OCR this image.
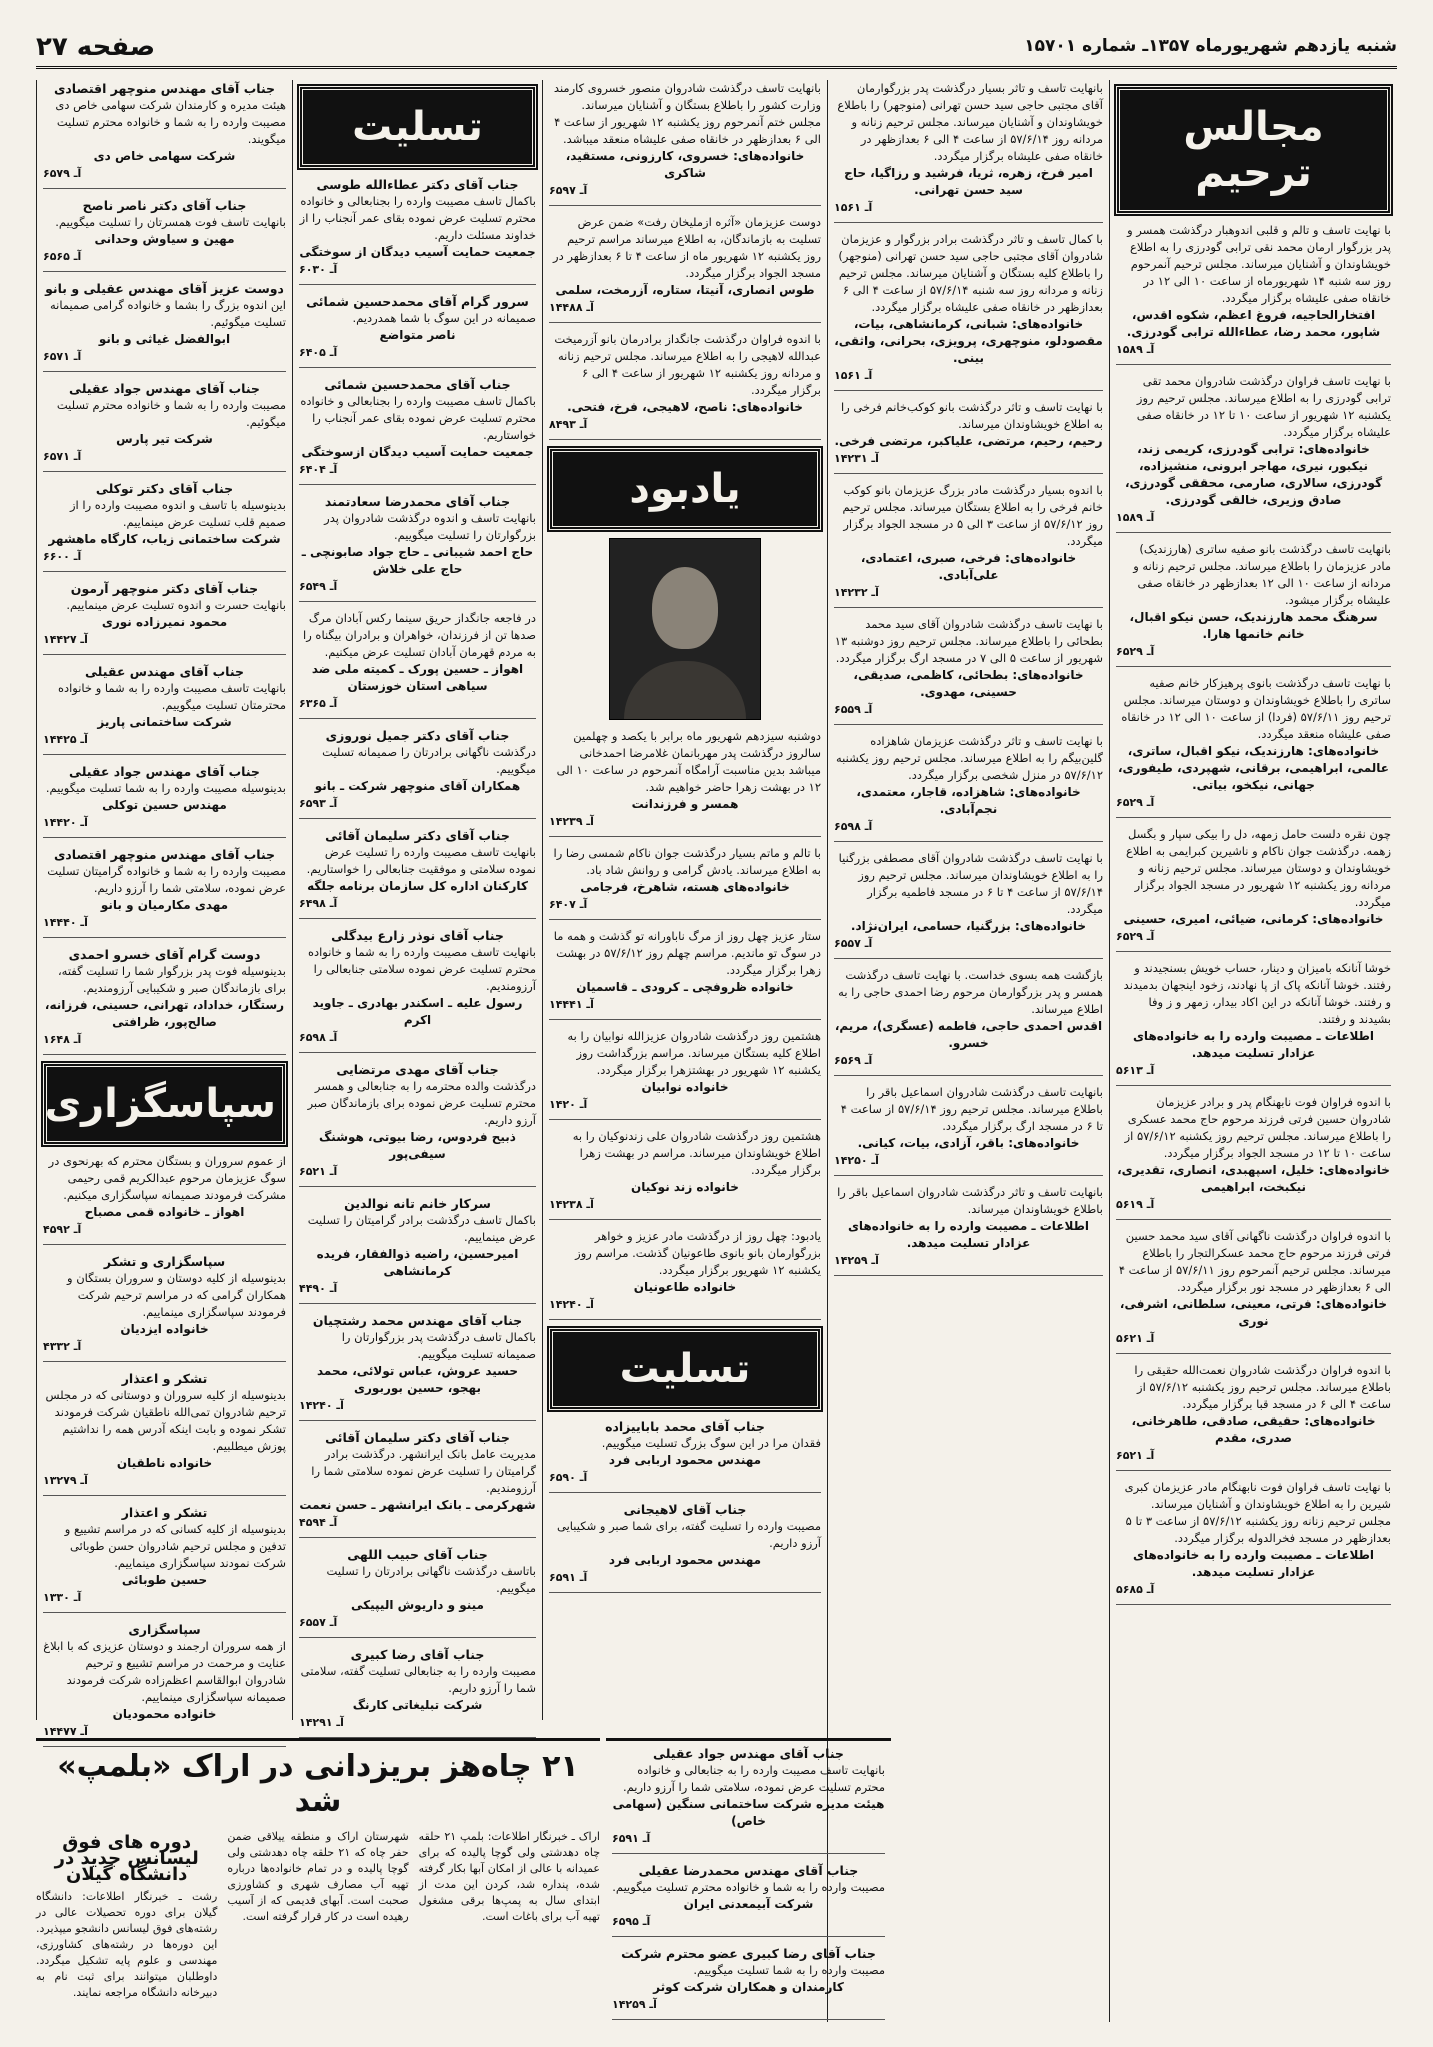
شنبه یازدهم شهریورماه ۱۳۵۷ـ شماره ۱۵۷۰۱
صفحه ۲۷
مجالس ترحیم
با نهایت تاسف و تالم و قلبی اندوهبار درگذشت همسر و پدر بزرگوار ارمان محمد نقی ترابی گودرزی را به اطلاع خویشاوندان و آشنایان میرساند. مجلس ترحیم آنمرحوم روز سه شنبه ۱۴ شهریورماه از ساعت ۱۰ الی ۱۲ در خانقاه صفی علیشاه برگزار میگردد.
افتخارالحاجیه، فروغ اعظم، شکوه اقدس، شاپور، محمد رضا، عطاءالله ترابی گودرزی.
آـ ۱۵۸۹
با نهایت تاسف فراوان درگذشت شادروان محمد تقی ترابی گودرزی را به اطلاع میرساند. مجلس ترحیم روز یکشنبه ۱۲ شهریور از ساعت ۱۰ تا ۱۲ در خانقاه صفی علیشاه برگزار میگردد.
خانواده‌های: ترابی گودرزی، کریمی زند، نیکبور، نیری، مهاجر ابرونی، منشیزاده، گودرزی، سالاری، صارمی، محققی گودرزی، صادق وزیری، خالقی گودرزی.
آـ ۱۵۸۹
بانهایت تاسف درگذشت بانو صفیه ساتری (هارزندیک) مادر عزیزمان را باطلاع میرساند. مجلس ترحیم زنانه و مردانه از ساعت ۱۰ الی ۱۲ بعدازظهر در خانقاه صفی علیشاه برگزار میشود.
سرهنگ محمد هارزندیک، حسن نیکو اقبال، خانم خانمها هارا.
آـ ۶۵۲۹
با نهایت تاسف درگذشت بانوی پرهیزکار خانم صفیه ساتری را باطلاع خویشاوندان و دوستان میرساند. مجلس ترحیم روز ۵۷/۶/۱۱ (فردا) از ساعت ۱۰ الی ۱۲ در خانقاه صفی علیشاه منعقد میگردد.
خانواده‌های: هارزندیک، نیکو اقبال، ساتری، عالمی، ابراهیمی، برقانی، شهپردی، طیفوری، جهانی، نیکخو، بیاتی.
آـ ۶۵۲۹
چون نقره دلست حامل زمهه، دل را بیکی سپار و بگسل زهمه. درگذشت جوان ناکام و ناشیرین کبرایمی به اطلاع خویشاوندان و دوستان میرساند. مجلس ترحیم زنانه و مردانه روز یکشنبه ۱۲ شهریور در مسجد الجواد برگزار میگردد.
خانواده‌های: کرمانی، ضیائی، امیری، حسینی
آـ ۶۵۲۹
خوشا آنانکه بامیزان و دینار، حساب خویش بسنجیدند و رفتند. خوشا آنانکه پاک از پا نهادند، زخود اینجهان بدمیدند و رفتند. خوشا آنانکه در این اکاد بیدار، زمهر و ز وفا بشیدند و رفتند.
اطلاعات ـ مصیبت وارده را به خانواده‌های عزادار تسلیت میدهد.
آـ ۵۶۱۳
با اندوه فراوان فوت نابهنگام پدر و برادر عزیزمان شادروان حسین فرتی فرزند مرحوم حاج محمد عسکری را باطلاع میرساند. مجلس ترحیم روز یکشنبه ۵۷/۶/۱۲ از ساعت ۱۰ تا ۱۲ در مسجد الجواد برگزار میگردد.
خانواده‌های: خلیل، اسپهبدی، انصاری، تقدیری، نیکبخت، ابراهیمی
آـ ۵۶۱۹
با اندوه فراوان درگذشت ناگهانی آقای سید محمد حسین فرتی فرزند مرحوم حاج محمد عسکرالتجار را باطلاع میرساند. مجلس ترحیم آنمرحوم روز ۵۷/۶/۱۱ از ساعت ۴ الی ۶ بعدازظهر در مسجد نور برگزار میگردد.
خانواده‌های: فرتی، معینی، سلطانی، اشرفی، نوری
آـ ۵۶۲۱
با اندوه فراوان درگذشت شادروان نعمت‌الله حقیقی را باطلاع میرساند. مجلس ترحیم روز یکشنبه ۵۷/۶/۱۲ از ساعت ۴ الی ۶ در مسجد قبا برگزار میگردد.
خانواده‌های: حقیقی، صادقی، طاهرخانی، صدری، مقدم
آـ ۶۵۲۱
با نهایت تاسف فراوان فوت نابهنگام مادر عزیزمان کبری شیرین را به اطلاع خویشاوندان و آشنایان میرساند. مجلس ترحیم زنانه روز یکشنبه ۵۷/۶/۱۲ از ساعت ۳ تا ۵ بعدازظهر در مسجد فخرالدوله برگزار میگردد.
اطلاعات ـ مصیبت وارده را به خانواده‌های عزادار تسلیت میدهد.
آـ ۵۶۸۵
بانهایت تاسف و تاثر بسیار درگذشت پدر بزرگوارمان آقای مجتبی حاجی سید حسن تهرانی (منوجهر) را باطلاع خویشاوندان و آشنایان میرساند. مجلس ترحیم زنانه و مردانه روز ۵۷/۶/۱۴ از ساعت ۴ الی ۶ بعدازظهر در خانقاه صفی علیشاه برگزار میگردد.
امیر فرخ، زهره، ثریا، فرشید و رزاگیا، حاج سید حسن تهرانی.
آـ ۱۵۶۱
با کمال تاسف و تاثر درگذشت برادر بزرگوار و عزیزمان شادروان آقای مجتبی حاجی سید حسن تهرانی (منوجهر) را باطلاع کلیه بستگان و آشنایان میرساند. مجلس ترحیم زنانه و مردانه روز سه شنبه ۵۷/۶/۱۴ از ساعت ۴ الی ۶ بعدازظهر در خانقاه صفی علیشاه برگزار میگردد.
خانواده‌های: شبانی، کرمانشاهی، بیات، مقصودلو، منوچهری، پرویزی، بحرانی، واثقی، بینی.
آـ ۱۵۶۱
با نهایت تاسف و تاثر درگذشت بانو کوکب‌خانم فرخی را به اطلاع خویشاوندان میرساند.
رحیم، رحیم، مرتضی، علیاکبر، مرتضی فرخی.
آـ ۱۴۲۳۱
با اندوه بسیار درگذشت مادر بزرگ عزیزمان بانو کوکب خانم فرخی را به اطلاع بستگان میرساند. مجلس ترحیم روز ۵۷/۶/۱۲ از ساعت ۳ الی ۵ در مسجد الجواد برگزار میگردد.
خانواده‌های: فرخی، صبری، اعتمادی، علی‌آبادی.
آـ ۱۴۲۳۲
با نهایت تاسف درگذشت شادروان آقای سید محمد بطحائی را باطلاع میرساند. مجلس ترحیم روز دوشنبه ۱۳ شهریور از ساعت ۵ الی ۷ در مسجد ارگ برگزار میگردد.
خانواده‌های: بطحائی، کاظمی، صدیقی، حسینی، مهدوی.
آـ ۶۵۵۹
با نهایت تاسف و تاثر درگذشت عزیزمان شاهزاده گلین‌بیگم را به اطلاع میرساند. مجلس ترحیم روز یکشنبه ۵۷/۶/۱۲ در منزل شخصی برگزار میگردد.
خانواده‌های: شاهزاده، قاجار، معتمدی، نجم‌آبادی.
آـ ۶۵۹۸
با نهایت تاسف درگذشت شادروان آقای مصطفی بزرگنیا را به اطلاع خویشاوندان میرساند. مجلس ترحیم روز ۵۷/۶/۱۴ از ساعت ۴ تا ۶ در مسجد فاطمیه برگزار میگردد.
خانواده‌های: بزرگنیا، حسامی، ایران‌نژاد.
آـ ۶۵۵۷
بازگشت همه بسوی خداست. با نهایت تاسف درگذشت همسر و پدر بزرگوارمان مرحوم رضا احمدی حاجی را به اطلاع میرساند.
اقدس احمدی حاجی، فاطمه (عسگری)، مریم، خسرو.
آـ ۶۵۶۹
بانهایت تاسف درگذشت شادروان اسماعیل باقر را باطلاع میرساند. مجلس ترحیم روز ۵۷/۶/۱۴ از ساعت ۴ تا ۶ در مسجد ارگ برگزار میگردد.
خانواده‌های: باقر، آزادی، بیات، کیانی.
آـ ۱۴۲۵۰
بانهایت تاسف و تاثر درگذشت شادروان اسماعیل باقر را باطلاع خویشاوندان میرساند.
اطلاعات ـ مصیبت وارده را به خانواده‌های عزادار تسلیت میدهد.
آـ ۱۴۲۵۹
بانهایت تاسف درگذشت شادروان منصور خسروی کارمند وزارت کشور را باطلاع بستگان و آشنایان میرساند. مجلس ختم آنمرحوم روز یکشنبه ۱۲ شهریور از ساعت ۴ الی ۶ بعدازظهر در خانقاه صفی علیشاه منعقد میباشد.
خانواده‌های: خسروی، کارزونی، مستقید، شاکری
آـ ۶۵۹۷
دوست عزیزمان «آثره ازملیخان رفت» ضمن عرض تسلیت به بازماندگان، به اطلاع میرساند مراسم ترحیم روز یکشنبه ۱۲ شهریور ماه از ساعت ۴ تا ۶ بعدازظهر در مسجد الجواد برگزار میگردد.
طوس انصاری، آنیتا، ستاره، آزرمخت، سلمی
آـ ۱۴۴۸۸
با اندوه فراوان درگذشت جانگداز برادرمان بانو آزرمیخت عبدالله لاهیجی را به اطلاع میرساند. مجلس ترحیم زنانه و مردانه روز یکشنبه ۱۲ شهریور از ساعت ۴ الی ۶ برگزار میگردد.
خانواده‌های: ناصح، لاهیجی، فرخ، فتحی.
آـ ۸۴۹۳
یادبود
دوشنبه سیزدهم شهریور ماه برابر با یکصد و چهلمین سالروز درگذشت پدر مهربانمان غلامرضا احمدخانی میباشد بدین مناسبت آرامگاه آنمرحوم در ساعت ۱۰ الی ۱۲ در بهشت زهرا حاضر خواهیم شد.
همسر و فرزندانت
آـ ۱۴۲۳۹
با تالم و ماتم بسیار درگذشت جوان ناکام شمسی رضا را به اطلاع میرساند. یادش گرامی و روانش شاد باد.
خانواده‌های هسته، شاهرخ، فرجامی
آـ ۶۴۰۷
ستار عزیز چهل روز از مرگ ناباورانه تو گذشت و همه ما در سوگ تو ماندیم. مراسم چهلم روز ۵۷/۶/۱۲ در بهشت زهرا برگزار میگردد.
خانواده ظروفچی ـ کرودی ـ قاسمیان
آـ ۱۴۴۴۱
هشتمین روز درگذشت شادروان عزیزالله نوابیان را به اطلاع کلیه بستگان میرساند. مراسم بزرگداشت روز یکشنبه ۱۲ شهریور در بهشتزهرا برگزار میگردد.
خانواده نوابیان
آـ ۱۴۲۰
هشتمین روز درگذشت شادروان علی زندنوکیان را به اطلاع خویشاوندان میرساند. مراسم در بهشت زهرا برگزار میگردد.
خانواده زند نوکیان
آـ ۱۴۲۳۸
یادبود: چهل روز از درگذشت مادر عزیز و خواهر بزرگوارمان بانو بانوی طاعونیان گذشت. مراسم روز یکشنبه ۱۲ شهریور برگزار میگردد.
خانواده طاعونیان
آـ ۱۴۲۴۰
تسلیت
جناب آقای محمد باباییزاده
فقدان مرا در این سوگ بزرگ تسلیت میگوییم.
مهندس محمود اربابی فرد
آـ ۶۵۹۰
جناب آقای لاهیجانی
مصیبت وارده را تسلیت گفته، برای شما صبر و شکیبایی آرزو داریم.
مهندس محمود اربابی فرد
آـ ۶۵۹۱
تسلیت
جناب آقای دکتر عطاءالله طوسی
باکمال تاسف مصیبت وارده را بجنابعالی و خانواده محترم تسلیت عرض نموده بقای عمر آنجناب را از خداوند مسئلت داریم.
جمعیت حمایت آسیب دیدگان از سوختگی
آـ ۶۰۳۰
سرور گرام آقای محمدحسین شمائی
صمیمانه در این سوگ با شما همدردیم.
ناصر متواضع
آـ ۶۴۰۵
جناب آقای محمدحسین شمائی
باکمال تاسف مصیبت وارده را بجنابعالی و خانواده محترم تسلیت عرض نموده بقای عمر آنجناب را خواستاریم.
جمعیت حمایت آسیب دیدگان ازسوختگی
آـ ۶۴۰۴
جناب آقای محمدرضا سعادتمند
بانهایت تاسف و اندوه درگذشت شادروان پدر بزرگوارتان را تسلیت میگوییم.
حاج احمد شیبانی ـ حاج جواد صابونچی ـ حاج علی خلاش
آـ ۶۵۴۹
در فاجعه جانگداز حریق سینما رکس آبادان مرگ صدها تن از فرزندان، خواهران و برادران بیگناه را به مردم قهرمان آبادان تسلیت عرض میکنیم.
اهواز ـ حسین پورک ـ کمیته ملی ضد سیاهی استان خوزستان
آـ ۶۳۶۵
جناب آقای دکتر جمیل نوروزی
درگذشت ناگهانی برادرتان را صمیمانه تسلیت میگوییم.
همکاران آقای منوچهر شرکت ـ بانو
آـ ۶۵۹۳
جناب آقای دکتر سلیمان آقائی
بانهایت تاسف مصیبت وارده را تسلیت عرض نموده سلامتی و موفقیت جنابعالی را خواستاریم.
کارکنان اداره کل سازمان برنامه جلگه
آـ ۶۴۹۸
جناب آقای نوذر زارع بیدگلی
بانهایت تاسف مصیبت وارده را به شما و خانواده محترم تسلیت عرض نموده سلامتی جنابعالی را آرزومندیم.
رسول علیه ـ اسکندر بهادری ـ جاوید اکرم
آـ ۶۵۹۸
جناب آقای مهدی مرتضایی
درگذشت والده محترمه را به جنابعالی و همسر محترم تسلیت عرض نموده برای بازماندگان صبر آرزو داریم.
ذبیح فردوس، رضا بیوتی، هوشنگ سیفی‌پور
آـ ۶۵۲۱
سرکار خانم تانه نوالدین
باکمال تاسف درگذشت برادر گرامیتان را تسلیت عرض مینماییم.
امیرحسین، راضیه ذوالفقار، فریده کرمانشاهی
آـ ۴۴۹۰
جناب آقای مهندس محمد رشتچیان
باکمال تاسف درگذشت پدر بزرگوارتان را صمیمانه تسلیت میگوییم.
حسید عروش، عباس تولائی، محمد بهجو، حسین بوربوری
آـ ۱۴۲۴۰
جناب آقای دکتر سلیمان آقائی
مدیریت عامل بانک ایرانشهر. درگذشت برادر گرامیتان را تسلیت عرض نموده سلامتی شما را آرزومندیم.
شهرکرمی ـ بانک ایرانشهر ـ حسن نعمت
آـ ۴۵۹۴
جناب آقای حبیب اللهی
باتاسف درگذشت ناگهانی برادرتان را تسلیت میگوییم.
مینو و داریوش الیپیکی
آـ ۶۵۵۷
جناب آقای رضا کبیری
مصیبت وارده را به جنابعالی تسلیت گفته، سلامتی شما را آرزو داریم.
شرکت تبلیغاتی کارنگ
آـ ۱۴۲۹۱
جناب آقای مهندس منوچهر اقتصادی
هیئت مدیره و کارمندان شرکت سهامی خاص دی مصیبت وارده را به شما و خانواده محترم تسلیت میگویند.
شرکت سهامی خاص دی
آـ ۶۵۷۹
جناب آقای دکتر ناصر ناصح
بانهایت تاسف فوت همسرتان را تسلیت میگوییم.
مهین و سیاوش وحدانی
آـ ۶۵۶۵
دوست عزیز آقای مهندس عقیلی و بانو
این اندوه بزرگ را بشما و خانواده گرامی صمیمانه تسلیت میگوئیم.
ابوالفضل غیاثی و بانو
آـ ۶۵۷۱
جناب آقای مهندس جواد عقیلی
مصیبت وارده را به شما و خانواده محترم تسلیت میگوئیم.
شرکت تیر پارس
آـ ۶۵۷۱
جناب آقای دکتر توکلی
بدینوسیله با تاسف و اندوه مصیبت وارده را از صمیم قلب تسلیت عرض مینماییم.
شرکت ساختمانی زیاب، کارگاه ماهشهر
آـ ۶۶۰۰
جناب آقای دکتر منوچهر آرمون
بانهایت حسرت و اندوه تسلیت عرض مینماییم.
محمود نمیرزاده نوری
آـ ۱۴۴۲۷
جناب آقای مهندس عقیلی
بانهایت تاسف مصیبت وارده را به شما و خانواده محترمتان تسلیت میگوییم.
شرکت ساختمانی پاریز
آـ ۱۴۴۲۵
جناب آقای مهندس جواد عقیلی
بدینوسیله مصیبت وارده را به شما تسلیت میگوییم.
مهندس حسین توکلی
آـ ۱۴۴۲۰
جناب آقای مهندس منوچهر اقتصادی
مصیبت وارده را به شما و خانواده گرامیتان تسلیت عرض نموده، سلامتی شما را آرزو داریم.
مهدی مکارمیان و بانو
آـ ۱۴۴۴۰
دوست گرام آقای خسرو احمدی
بدینوسیله فوت پدر بزرگوار شما را تسلیت گفته، برای بازماندگان صبر و شکیبایی آرزومندیم.
رستگار، خداداد، تهرانی، حسینی، فرزانه، صالح‌پور، ظرافتی
آـ ۱۶۴۸
سپاسگزاری
از عموم سروران و بستگان محترم که بهرنحوی در سوگ عزیزمان مرحوم عبدالکریم قمی رحیمی مشرکت فرمودند صمیمانه سپاسگزاری میکنیم.
اهواز ـ خانواده قمی مصباح
آـ ۴۵۹۲
سپاسگزاری و تشکر
بدینوسیله از کلیه دوستان و سروران بستگان و همکاران گرامی که در مراسم ترحیم شرکت فرمودند سپاسگزاری مینماییم.
خانواده ایزدیان
آـ ۴۳۳۲
تشکر و اعتذار
بدینوسیله از کلیه سروران و دوستانی که در مجلس ترحیم شادروان تمی‌الله ناطقیان شرکت فرمودند تشکر نموده و بابت اینکه آدرس همه را نداشتیم پوزش میطلبیم.
خانواده ناطقیان
آـ ۱۳۲۷۹
تشکر و اعتذار
بدینوسیله از کلیه کسانی که در مراسم تشییع و تدفین و مجلس ترحیم شادروان حسن طوبائی شرکت نمودند سپاسگزاری مینماییم.
حسین طوبائی
آـ ۱۳۳۰
سپاسگزاری
از همه سروران ارجمند و دوستان عزیزی که با ابلاغ عنایت و مرحمت در مراسم تشییع و ترحیم شادروان ابوالقاسم اعظم‌زاده شرکت فرمودند صمیمانه سپاسگزاری مینماییم.
خانواده محمودیان
آـ ۱۴۴۷۷
۲۱ چاه‌هز بریزدانی در اراک «بلمپ» شد

اراک ـ خبرنگار اطلاعات: بلمپ ۲۱ حلقه چاه دهدشتی ولی گوچا پالیده که برای عمیدانه با عالی از امکان آبها بکار گرفته شده، پنداره شد، کردن این مدت از ابتدای سال به پمپ‌ها برقی مشغول تهیه آب برای باغات است.

شهرستان اراک و منطقه ییلاقی ضمن حفر چاه که ۲۱ حلقه چاه دهدشتی ولی گوچا پالیده و در تمام خانواده‌ها درباره تهیه آب مصارف شهری و کشاورزی صحبت است. آبهای قدیمی که از آسیب رهیده است در کار قرار گرفته است.

دوره های فوق لیسانس جدید در دانشگاه گیلان

رشت ـ خبرنگار اطلاعات: دانشگاه گیلان برای دوره تحصیلات عالی در رشته‌های فوق لیسانس دانشجو میپذیرد. این دوره‌ها در رشته‌های کشاورزی، مهندسی و علوم پایه تشکیل میگردد. داوطلبان میتوانند برای ثبت نام به دبیرخانه دانشگاه مراجعه نمایند.

جناب آقای مهندس جواد عقیلی
بانهایت تاسف مصیبت وارده را به جنابعالی و خانواده محترم تسلیت عرض نموده، سلامتی شما را آرزو داریم.
هیئت مدیره شرکت ساختمانی سنگین (سهامی خاص)
آـ ۶۵۹۱
جناب آقای مهندس محمدرضا عقیلی
مصیبت وارده را به شما و خانواده محترم تسلیت میگوییم.
شرکت آبیمعدنی ایران
آـ ۶۵۹۵
جناب آقای رضا کبیری عضو محترم شرکت
مصیبت وارده را به شما تسلیت میگوییم.
کارمندان و همکاران شرکت کوثر
آـ ۱۴۲۵۹
